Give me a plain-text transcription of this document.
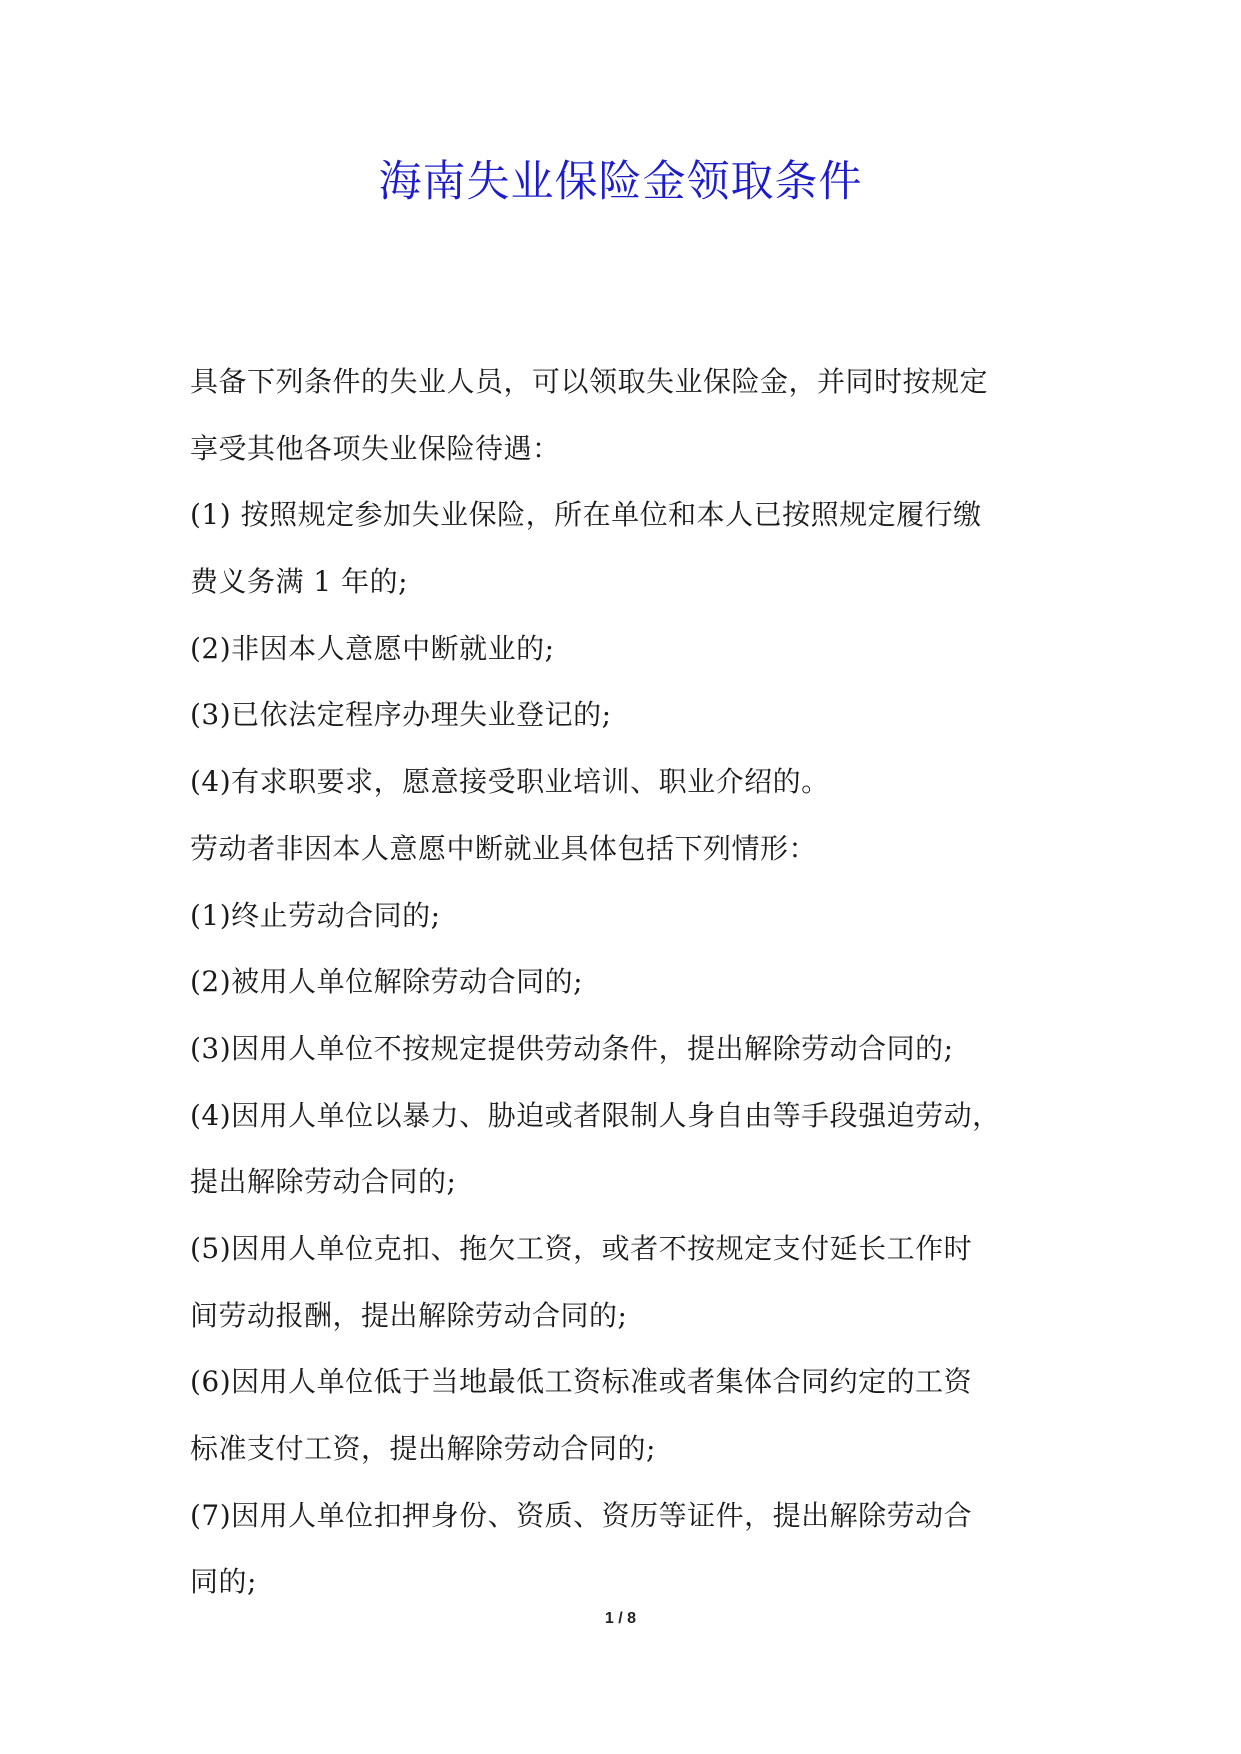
海南失业保险金领取条件
具备下列条件的失业人员，可以领取失业保险金，并同时按规定
享受其他各项失业保险待遇：
(1) 按照规定参加失业保险，所在单位和本人已按照规定履行缴
费义务满 1 年的;
(2)非因本人意愿中断就业的;
(3)已依法定程序办理失业登记的;
(4)有求职要求，愿意接受职业培训、职业介绍的。
劳动者非因本人意愿中断就业具体包括下列情形：
(1)终止劳动合同的;
(2)被用人单位解除劳动合同的;
(3)因用人单位不按规定提供劳动条件，提出解除劳动合同的;
(4)因用人单位以暴力、胁迫或者限制人身自由等手段强迫劳动，
提出解除劳动合同的;
(5)因用人单位克扣、拖欠工资，或者不按规定支付延长工作时
间劳动报酬，提出解除劳动合同的;
(6)因用人单位低于当地最低工资标准或者集体合同约定的工资
标准支付工资，提出解除劳动合同的;
(7)因用人单位扣押身份、资质、资历等证件，提出解除劳动合
同的;
1 / 8
